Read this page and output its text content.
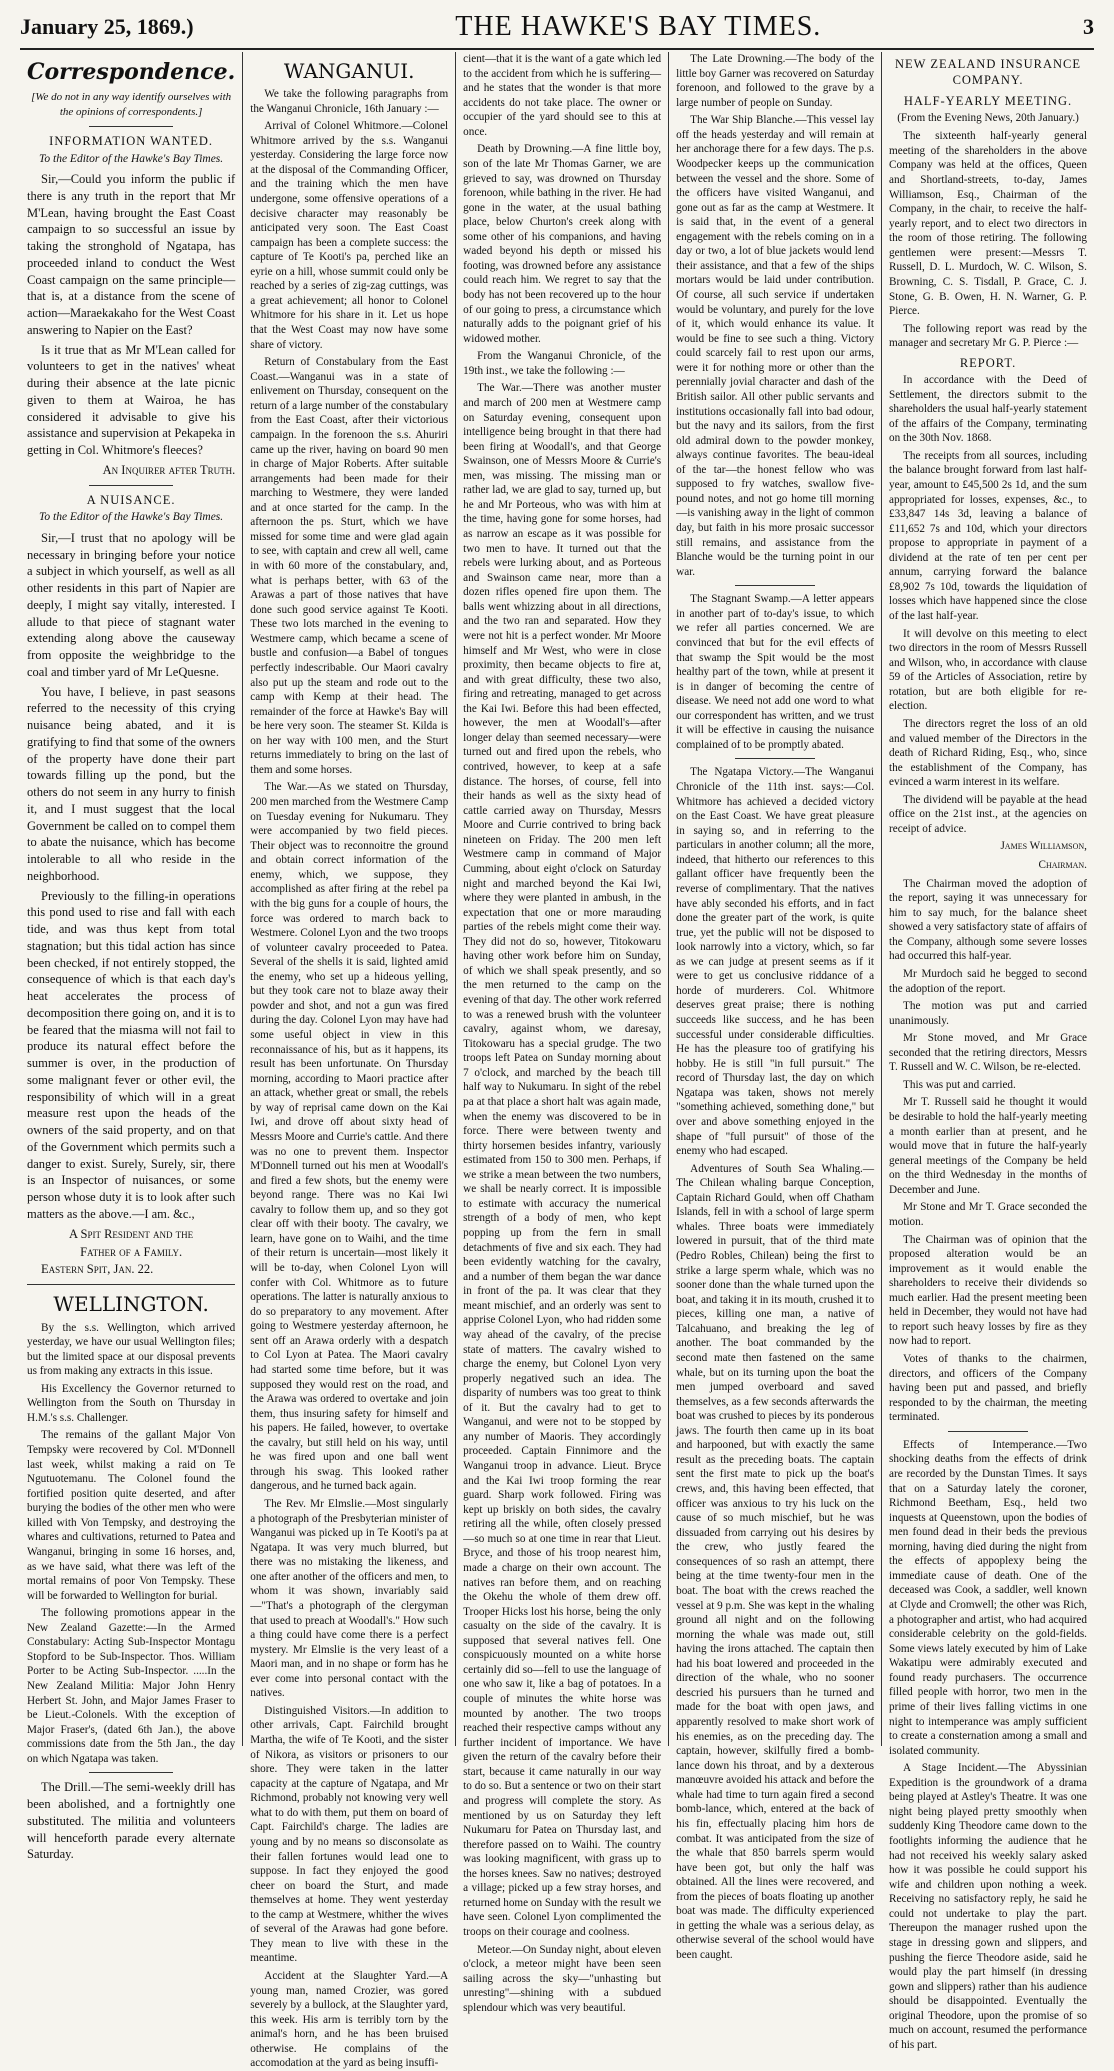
January 25, 1869.)	THE HAWKE'S BAY TIMES.	3
Correspondence.
[We do not in any way identify ourselves with the opinions of correspondents.]
INFORMATION WANTED.
To the Editor of the Hawke's Bay Times.

Sir,—Could you inform the public if there is any truth in the report that Mr M'Lean, having brought the East Coast campaign to so successful an issue by taking the stronghold of Ngatapa, has proceeded inland to conduct the West Coast campaign on the same principle—that is, at a distance from the scene of action—Maraekakaho for the West Coast answering to Napier on the East?

Is it true that as Mr M'Lean called for volunteers to get in the natives' wheat during their absence at the late picnic given to them at Wairoa, he has considered it advisable to give his assistance and supervision at Pekapeka in getting in Col. Whitmore's fleeces?

An Inquirer after Truth.
A NUISANCE.
To the Editor of the Hawke's Bay Times.

Sir,—I trust that no apology will be necessary in bringing before your notice a subject in which yourself, as well as all other residents in this part of Napier are deeply, I might say vitally, interested. I allude to that piece of stagnant water extending along above the causeway from opposite the weighbridge to the coal and timber yard of Mr LeQuesne.

You have, I believe, in past seasons referred to the necessity of this crying nuisance being abated, and it is gratifying to find that some of the owners of the property have done their part towards filling up the pond, but the others do not seem in any hurry to finish it, and I must suggest that the local Government be called on to compel them to abate the nuisance, which has become intolerable to all who reside in the neighborhood.

Previously to the filling-in operations this pond used to rise and fall with each tide, and was thus kept from total stagnation; but this tidal action has since been checked, if not entirely stopped, the consequence of which is that each day's heat accelerates the process of decomposition there going on, and it is to be feared that the miasma will not fail to produce its natural effect before the summer is over, in the production of some malignant fever or other evil, the responsibility of which will in a great measure rest upon the heads of the owners of the said property, and on that of the Government which permits such a danger to exist. Surely, Surely, sir, there is an Inspector of nuisances, or some person whose duty it is to look after such matters as the above.—I am. &c.,

A Spit Resident and the
Father of a Family.
Eastern Spit, Jan. 22.
WELLINGTON.

By the s.s. Wellington, which arrived yesterday, we have our usual Wellington files; but the limited space at our disposal prevents us from making any extracts in this issue.

His Excellency the Governor returned to Wellington from the South on Thursday in H.M.'s s.s. Challenger.

The remains of the gallant Major Von Tempsky were recovered by Col. M'Donnell last week, whilst making a raid on Te Ngutuotemanu. The Colonel found the fortified position quite deserted, and after burying the bodies of the other men who were killed with Von Tempsky, and destroying the whares and cultivations, returned to Patea and Wanganui, bringing in some 16 horses, and, as we have said, what there was left of the mortal remains of poor Von Tempsky. These will be forwarded to Wellington for burial.

The following promotions appear in the New Zealand Gazette:—In the Armed Constabulary: Acting Sub-Inspector Montagu Stopford to be Sub-Inspector. Thos. William Porter to be Acting Sub-Inspector. .....In the New Zealand Militia: Major John Henry Herbert St. John, and Major James Fraser to be Lieut.-Colonels. With the exception of Major Fraser's, (dated 6th Jan.), the above commissions date from the 5th Jan., the day on which Ngatapa was taken.

The Drill.—The semi-weekly drill has been abolished, and a fortnightly one substituted. The militia and volunteers will henceforth parade every alternate Saturday.

WANGANUI.

We take the following paragraphs from the Wanganui Chronicle, 16th January :—

Arrival of Colonel Whitmore.—Colonel Whitmore arrived by the s.s. Wanganui yesterday. Considering the large force now at the disposal of the Commanding Officer, and the training which the men have undergone, some offensive operations of a decisive character may reasonably be anticipated very soon. The East Coast campaign has been a complete success: the capture of Te Kooti's pa, perched like an eyrie on a hill, whose summit could only be reached by a series of zig-zag cuttings, was a great achievement; all honor to Colonel Whitmore for his share in it. Let us hope that the West Coast may now have some share of victory.

Return of Constabulary from the East Coast.—Wanganui was in a state of enlivement on Thursday, consequent on the return of a large number of the constabulary from the East Coast, after their victorious campaign. In the forenoon the s.s. Ahuriri came up the river, having on board 90 men in charge of Major Roberts. After suitable arrangements had been made for their marching to Westmere, they were landed and at once started for the camp. In the afternoon the ps. Sturt, which we have missed for some time and were glad again to see, with captain and crew all well, came in with 60 more of the constabulary, and, what is perhaps better, with 63 of the Arawas a part of those natives that have done such good service against Te Kooti. These two lots marched in the evening to Westmere camp, which became a scene of bustle and confusion—a Babel of tongues perfectly indescribable. Our Maori cavalry also put up the steam and rode out to the camp with Kemp at their head. The remainder of the force at Hawke's Bay will be here very soon. The steamer St. Kilda is on her way with 100 men, and the Sturt returns immediately to bring on the last of them and some horses.

The War.—As we stated on Thursday, 200 men marched from the Westmere Camp on Tuesday evening for Nukumaru. They were accompanied by two field pieces. Their object was to reconnoitre the ground and obtain correct information of the enemy, which, we suppose, they accomplished as after firing at the rebel pa with the big guns for a couple of hours, the force was ordered to march back to Westmere. Colonel Lyon and the two troops of volunteer cavalry proceeded to Patea. Several of the shells it is said, lighted amid the enemy, who set up a hideous yelling, but they took care not to blaze away their powder and shot, and not a gun was fired during the day. Colonel Lyon may have had some useful object in view in this reconnaissance of his, but as it happens, its result has been unfortunate. On Thursday morning, according to Maori practice after an attack, whether great or small, the rebels by way of reprisal came down on the Kai Iwi, and drove off about sixty head of Messrs Moore and Currie's cattle. And there was no one to prevent them. Inspector M'Donnell turned out his men at Woodall's and fired a few shots, but the enemy were beyond range. There was no Kai Iwi cavalry to follow them up, and so they got clear off with their booty. The cavalry, we learn, have gone on to Waihi, and the time of their return is uncertain—most likely it will be to-day, when Colonel Lyon will confer with Col. Whitmore as to future operations. The latter is naturally anxious to do so preparatory to any movement. After going to Westmere yesterday afternoon, he sent off an Arawa orderly with a despatch to Col Lyon at Patea. The Maori cavalry had started some time before, but it was supposed they would rest on the road, and the Arawa was ordered to overtake and join them, thus insuring safety for himself and his papers. He failed, however, to overtake the cavalry, but still held on his way, until he was fired upon and one ball went through his swag. This looked rather dangerous, and he turned back again.

The Rev. Mr Elmslie.—Most singularly a photograph of the Presbyterian minister of Wanganui was picked up in Te Kooti's pa at Ngatapa. It was very much blurred, but there was no mistaking the likeness, and one after another of the officers and men, to whom it was shown, invariably said—"That's a photograph of the clergyman that used to preach at Woodall's." How such a thing could have come there is a perfect mystery. Mr Elmslie is the very least of a Maori man, and in no shape or form has he ever come into personal contact with the natives.

Distinguished Visitors.—In addition to other arrivals, Capt. Fairchild brought Martha, the wife of Te Kooti, and the sister of Nikora, as visitors or prisoners to our shore. They were taken in the latter capacity at the capture of Ngatapa, and Mr Richmond, probably not knowing very well what to do with them, put them on board of Capt. Fairchild's charge. The ladies are young and by no means so disconsolate as their fallen fortunes would lead one to suppose. In fact they enjoyed the good cheer on board the Sturt, and made themselves at home. They went yesterday to the camp at Westmere, whither the wives of several of the Arawas had gone before. They mean to live with these in the meantime.

Accident at the Slaughter Yard.—A young man, named Crozier, was gored severely by a bullock, at the Slaughter yard, this week. His arm is terribly torn by the animal's horn, and he has been bruised otherwise. He complains of the accomodation at the yard as being insuffi-

cient—that it is the want of a gate which led to the accident from which he is suffering—and he states that the wonder is that more accidents do not take place. The owner or occupier of the yard should see to this at once.

Death by Drowning.—A fine little boy, son of the late Mr Thomas Garner, we are grieved to say, was drowned on Thursday forenoon, while bathing in the river. He had gone in the water, at the usual bathing place, below Churton's creek along with some other of his companions, and having waded beyond his depth or missed his footing, was drowned before any assistance could reach him. We regret to say that the body has not been recovered up to the hour of our going to press, a circumstance which naturally adds to the poignant grief of his widowed mother.

From the Wanganui Chronicle, of the 19th inst., we take the following :—

The War.—There was another muster and march of 200 men at Westmere camp on Saturday evening, consequent upon intelligence being brought in that there had been firing at Woodall's, and that George Swainson, one of Messrs Moore & Currie's men, was missing. The missing man or rather lad, we are glad to say, turned up, but he and Mr Porteous, who was with him at the time, having gone for some horses, had as narrow an escape as it was possible for two men to have. It turned out that the rebels were lurking about, and as Porteous and Swainson came near, more than a dozen rifles opened fire upon them. The balls went whizzing about in all directions, and the two ran and separated. How they were not hit is a perfect wonder. Mr Moore himself and Mr West, who were in close proximity, then became objects to fire at, and with great difficulty, these two also, firing and retreating, managed to get across the Kai Iwi. Before this had been effected, however, the men at Woodall's—after longer delay than seemed necessary—were turned out and fired upon the rebels, who contrived, however, to keep at a safe distance. The horses, of course, fell into their hands as well as the sixty head of cattle carried away on Thursday, Messrs Moore and Currie contrived to bring back nineteen on Friday. The 200 men left Westmere camp in command of Major Cumming, about eight o'clock on Saturday night and marched beyond the Kai Iwi, where they were planted in ambush, in the expectation that one or more marauding parties of the rebels might come their way. They did not do so, however, Titokowaru having other work before him on Sunday, of which we shall speak presently, and so the men returned to the camp on the evening of that day. The other work referred to was a renewed brush with the volunteer cavalry, against whom, we daresay, Titokowaru has a special grudge. The two troops left Patea on Sunday morning about 7 o'clock, and marched by the beach till half way to Nukumaru. In sight of the rebel pa at that place a short halt was again made, when the enemy was discovered to be in force. There were between twenty and thirty horsemen besides infantry, variously estimated from 150 to 300 men. Perhaps, if we strike a mean between the two numbers, we shall be nearly correct. It is impossible to estimate with accuracy the numerical strength of a body of men, who kept popping up from the fern in small detachments of five and six each. They had been evidently watching for the cavalry, and a number of them began the war dance in front of the pa. It was clear that they meant mischief, and an orderly was sent to apprise Colonel Lyon, who had ridden some way ahead of the cavalry, of the precise state of matters. The cavalry wished to charge the enemy, but Colonel Lyon very properly negatived such an idea. The disparity of numbers was too great to think of it. But the cavalry had to get to Wanganui, and were not to be stopped by any number of Maoris. They accordingly proceeded. Captain Finnimore and the Wanganui troop in advance. Lieut. Bryce and the Kai Iwi troop forming the rear guard. Sharp work followed. Firing was kept up briskly on both sides, the cavalry retiring all the while, often closely pressed—so much so at one time in rear that Lieut. Bryce, and those of his troop nearest him, made a charge on their own account. The natives ran before them, and on reaching the Okehu the whole of them drew off. Trooper Hicks lost his horse, being the only casualty on the side of the cavalry. It is supposed that several natives fell. One conspicuously mounted on a white horse certainly did so—fell to use the language of one who saw it, like a bag of potatoes. In a couple of minutes the white horse was mounted by another. The two troops reached their respective camps without any further incident of importance. We have given the return of the cavalry before their start, because it came naturally in our way to do so. But a sentence or two on their start and progress will complete the story. As mentioned by us on Saturday they left Nukumaru for Patea on Thursday last, and therefore passed on to Waihi. The country was looking magnificent, with grass up to the horses knees. Saw no natives; destroyed a village; picked up a few stray horses, and returned home on Sunday with the result we have seen. Colonel Lyon complimented the troops on their courage and coolness.

Meteor.—On Sunday night, about eleven o'clock, a meteor might have been seen sailing across the sky—"unhasting but unresting"—shining with a subdued splendour which was very beautiful.

The Late Drowning.—The body of the little boy Garner was recovered on Saturday forenoon, and followed to the grave by a large number of people on Sunday.

The War Ship Blanche.—This vessel lay off the heads yesterday and will remain at her anchorage there for a few days. The p.s. Woodpecker keeps up the communication between the vessel and the shore. Some of the officers have visited Wanganui, and gone out as far as the camp at Westmere. It is said that, in the event of a general engagement with the rebels coming on in a day or two, a lot of blue jackets would lend their assistance, and that a few of the ships mortars would be laid under contribution. Of course, all such service if undertaken would be voluntary, and purely for the love of it, which would enhance its value. It would be fine to see such a thing. Victory could scarcely fail to rest upon our arms, were it for nothing more or other than the perennially jovial character and dash of the British sailor. All other public servants and institutions occasionally fall into bad odour, but the navy and its sailors, from the first old admiral down to the powder monkey, always continue favorites. The beau-ideal of the tar—the honest fellow who was supposed to fry watches, swallow five-pound notes, and not go home till morning—is vanishing away in the light of common day, but faith in his more prosaic successor still remains, and assistance from the Blanche would be the turning point in our war.

The Stagnant Swamp.—A letter appears in another part of to-day's issue, to which we refer all parties concerned. We are convinced that but for the evil effects of that swamp the Spit would be the most healthy part of the town, while at present it is in danger of becoming the centre of disease. We need not add one word to what our correspondent has written, and we trust it will be effective in causing the nuisance complained of to be promptly abated.

The Ngatapa Victory.—The Wanganui Chronicle of the 11th inst. says:—Col. Whitmore has achieved a decided victory on the East Coast. We have great pleasure in saying so, and in referring to the particulars in another column; all the more, indeed, that hitherto our references to this gallant officer have frequently been the reverse of complimentary. That the natives have ably seconded his efforts, and in fact done the greater part of the work, is quite true, yet the public will not be disposed to look narrowly into a victory, which, so far as we can judge at present seems as if it were to get us conclusive riddance of a horde of murderers. Col. Whitmore deserves great praise; there is nothing succeeds like success, and he has been successful under considerable difficulties. He has the pleasure too of gratifying his hobby. He is still "in full pursuit." The record of Thursday last, the day on which Ngatapa was taken, shows not merely "something achieved, something done," but over and above something enjoyed in the shape of "full pursuit" of those of the enemy who had escaped.

Adventures of South Sea Whaling.—The Chilean whaling barque Conception, Captain Richard Gould, when off Chatham Islands, fell in with a school of large sperm whales. Three boats were immediately lowered in pursuit, that of the third mate (Pedro Robles, Chilean) being the first to strike a large sperm whale, which was no sooner done than the whale turned upon the boat, and taking it in its mouth, crushed it to pieces, killing one man, a native of Talcahuano, and breaking the leg of another. The boat commanded by the second mate then fastened on the same whale, but on its turning upon the boat the men jumped overboard and saved themselves, as a few seconds afterwards the boat was crushed to pieces by its ponderous jaws. The fourth then came up in its boat and harpooned, but with exactly the same result as the preceding boats. The captain sent the first mate to pick up the boat's crews, and, this having been effected, that officer was anxious to try his luck on the cause of so much mischief, but he was dissuaded from carrying out his desires by the crew, who justly feared the consequences of so rash an attempt, there being at the time twenty-four men in the boat. The boat with the crews reached the vessel at 9 p.m. She was kept in the whaling ground all night and on the following morning the whale was made out, still having the irons attached. The captain then had his boat lowered and proceeded in the direction of the whale, who no sooner descried his pursuers than he turned and made for the boat with open jaws, and apparently resolved to make short work of his enemies, as on the preceding day. The captain, however, skilfully fired a bomb-lance down his throat, and by a dexterous manœuvre avoided his attack and before the whale had time to turn again fired a second bomb-lance, which, entered at the back of his fin, effectually placing him hors de combat. It was anticipated from the size of the whale that 850 barrels sperm would have been got, but only the half was obtained. All the lines were recovered, and from the pieces of boats floating up another boat was made. The difficulty experienced in getting the whale was a serious delay, as otherwise several of the school would have been caught.

NEW ZEALAND INSURANCE COMPANY.
HALF-YEARLY MEETING.
(From the Evening News, 20th January.)

The sixteenth half-yearly general meeting of the shareholders in the above Company was held at the offices, Queen and Shortland-streets, to-day, James Williamson, Esq., Chairman of the Company, in the chair, to receive the half-yearly report, and to elect two directors in the room of those retiring. The following gentlemen were present:—Messrs T. Russell, D. L. Murdoch, W. C. Wilson, S. Browning, C. S. Tisdall, P. Grace, C. J. Stone, G. B. Owen, H. N. Warner, G. P. Pierce.

The following report was read by the manager and secretary Mr G. P. Pierce :—

REPORT.

In accordance with the Deed of Settlement, the directors submit to the shareholders the usual half-yearly statement of the affairs of the Company, terminating on the 30th Nov. 1868.

The receipts from all sources, including the balance brought forward from last half-year, amount to £45,500 2s 1d, and the sum appropriated for losses, expenses, &c., to £33,847 14s 3d, leaving a balance of £11,652 7s and 10d, which your directors propose to appropriate in payment of a dividend at the rate of ten per cent per annum, carrying forward the balance £8,902 7s 10d, towards the liquidation of losses which have happened since the close of the last half-year.

It will devolve on this meeting to elect two directors in the room of Messrs Russell and Wilson, who, in accordance with clause 59 of the Articles of Association, retire by rotation, but are both eligible for re-election.

The directors regret the loss of an old and valued member of the Directors in the death of Richard Riding, Esq., who, since the establishment of the Company, has evinced a warm interest in its welfare.

The dividend will be payable at the head office on the 21st inst., at the agencies on receipt of advice.

James Williamson,
Chairman.

The Chairman moved the adoption of the report, saying it was unnecessary for him to say much, for the balance sheet showed a very satisfactory state of affairs of the Company, although some severe losses had occurred this half-year.

Mr Murdoch said he begged to second the adoption of the report.

The motion was put and carried unanimously.

Mr Stone moved, and Mr Grace seconded that the retiring directors, Messrs T. Russell and W. C. Wilson, be re-elected.

This was put and carried.

Mr T. Russell said he thought it would be desirable to hold the half-yearly meeting a month earlier than at present, and he would move that in future the half-yearly general meetings of the Company be held on the third Wednesday in the months of December and June.

Mr Stone and Mr T. Grace seconded the motion.

The Chairman was of opinion that the proposed alteration would be an improvement as it would enable the shareholders to receive their dividends so much earlier. Had the present meeting been held in December, they would not have had to report such heavy losses by fire as they now had to report.

Votes of thanks to the chairmen, directors, and officers of the Company having been put and passed, and briefly responded to by the chairman, the meeting terminated.

Effects of Intemperance.—Two shocking deaths from the effects of drink are recorded by the Dunstan Times. It says that on a Saturday lately the coroner, Richmond Beetham, Esq., held two inquests at Queenstown, upon the bodies of men found dead in their beds the previous morning, having died during the night from the effects of appoplexy being the immediate cause of death. One of the deceased was Cook, a saddler, well known at Clyde and Cromwell; the other was Rich, a photographer and artist, who had acquired considerable celebrity on the gold-fields. Some views lately executed by him of Lake Wakatipu were admirably executed and found ready purchasers. The occurrence filled people with horror, two men in the prime of their lives falling victims in one night to intemperance was amply sufficient to create a consternation among a small and isolated community.

A Stage Incident.—The Abyssinian Expedition is the groundwork of a drama being played at Astley's Theatre. It was one night being played pretty smoothly when suddenly King Theodore came down to the footlights informing the audience that he had not received his weekly salary asked how it was possible he could support his wife and children upon nothing a week. Receiving no satisfactory reply, he said he could not undertake to play the part. Thereupon the manager rushed upon the stage in dressing gown and slippers, and pushing the fierce Theodore aside, said he would play the part himself (in dressing gown and slippers) rather than his audience should be disappointed. Eventually the original Theodore, upon the promise of so much on account, resumed the performance of his part.
